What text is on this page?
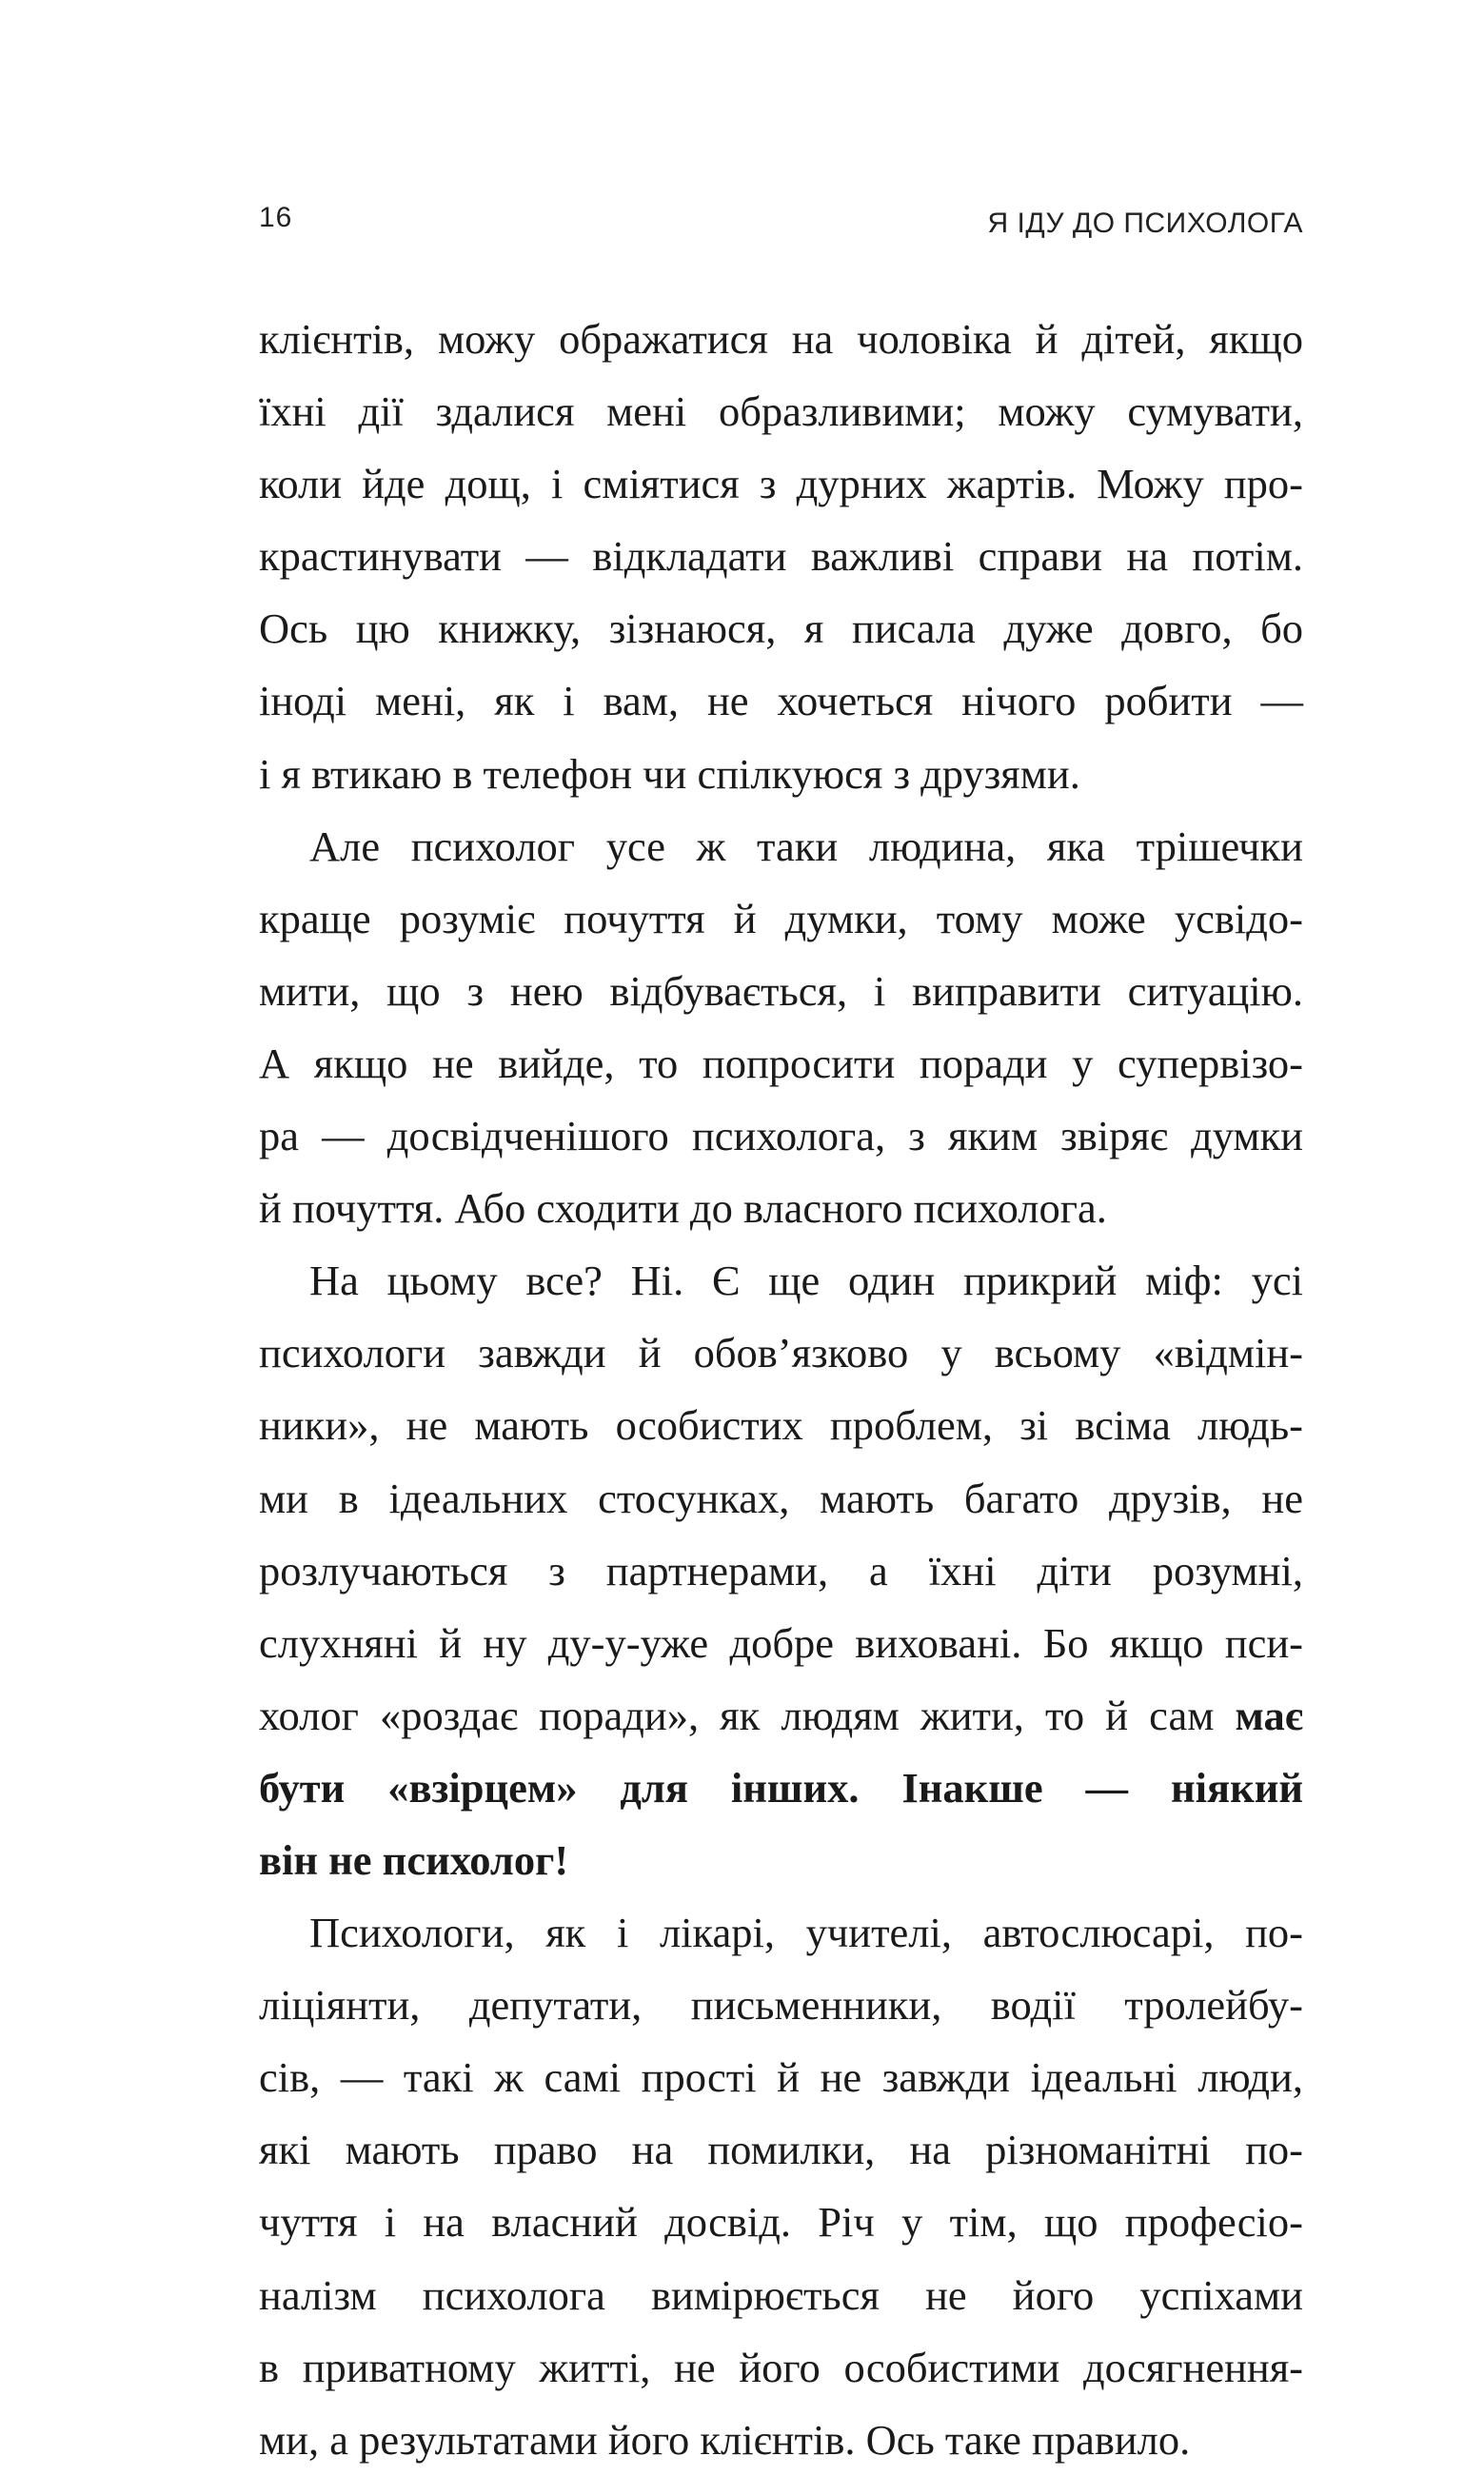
16	Я ІДУ ДО ПСИХОЛОГА
клієнтів, можу ображатися на чоловіка й дітей, якщо
їхні дії здалися мені образливими; можу сумувати,
коли йде дощ, і сміятися з дурних жартів. Можу про-
крастинувати — відкладати важливі справи на потім.
Ось цю книжку, зізнаюся, я писала дуже довго, бо
іноді мені, як і вам, не хочеться нічого робити —
і я втикаю в телефон чи спілкуюся з друзями.
Але психолог усе ж таки людина, яка трішечки
краще розуміє почуття й думки, тому може усвідо-
мити, що з нею відбувається, і виправити ситуацію.
А якщо не вийде, то попросити поради у супервізо-
ра — досвідченішого психолога, з яким звіряє думки
й почуття. Або сходити до власного психолога.
На цьому все? Ні. Є ще один прикрий міф: усі
психологи завжди й обов’язково у всьому «відмін-
ники», не мають особистих проблем, зі всіма людь-
ми в ідеальних стосунках, мають багато друзів, не
розлучаються з партнерами, а їхні діти розумні,
слухняні й ну ду-у-уже добре виховані. Бо якщо пси-
холог «роздає поради», як людям жити, то й сам має
бути «взірцем» для інших. Інакше — ніякий
він не психолог!
Психологи, як і лікарі, учителі, автослюсарі, по-
ліціянти, депутати, письменники, водії тролейбу-
сів, — такі ж самі прості й не завжди ідеальні люди,
які мають право на помилки, на різноманітні по-
чуття і на власний досвід. Річ у тім, що професіо-
налізм психолога вимірюється не його успіхами
в приватному житті, не його особистими досягнення-
ми, а результатами його клієнтів. Ось таке правило.
